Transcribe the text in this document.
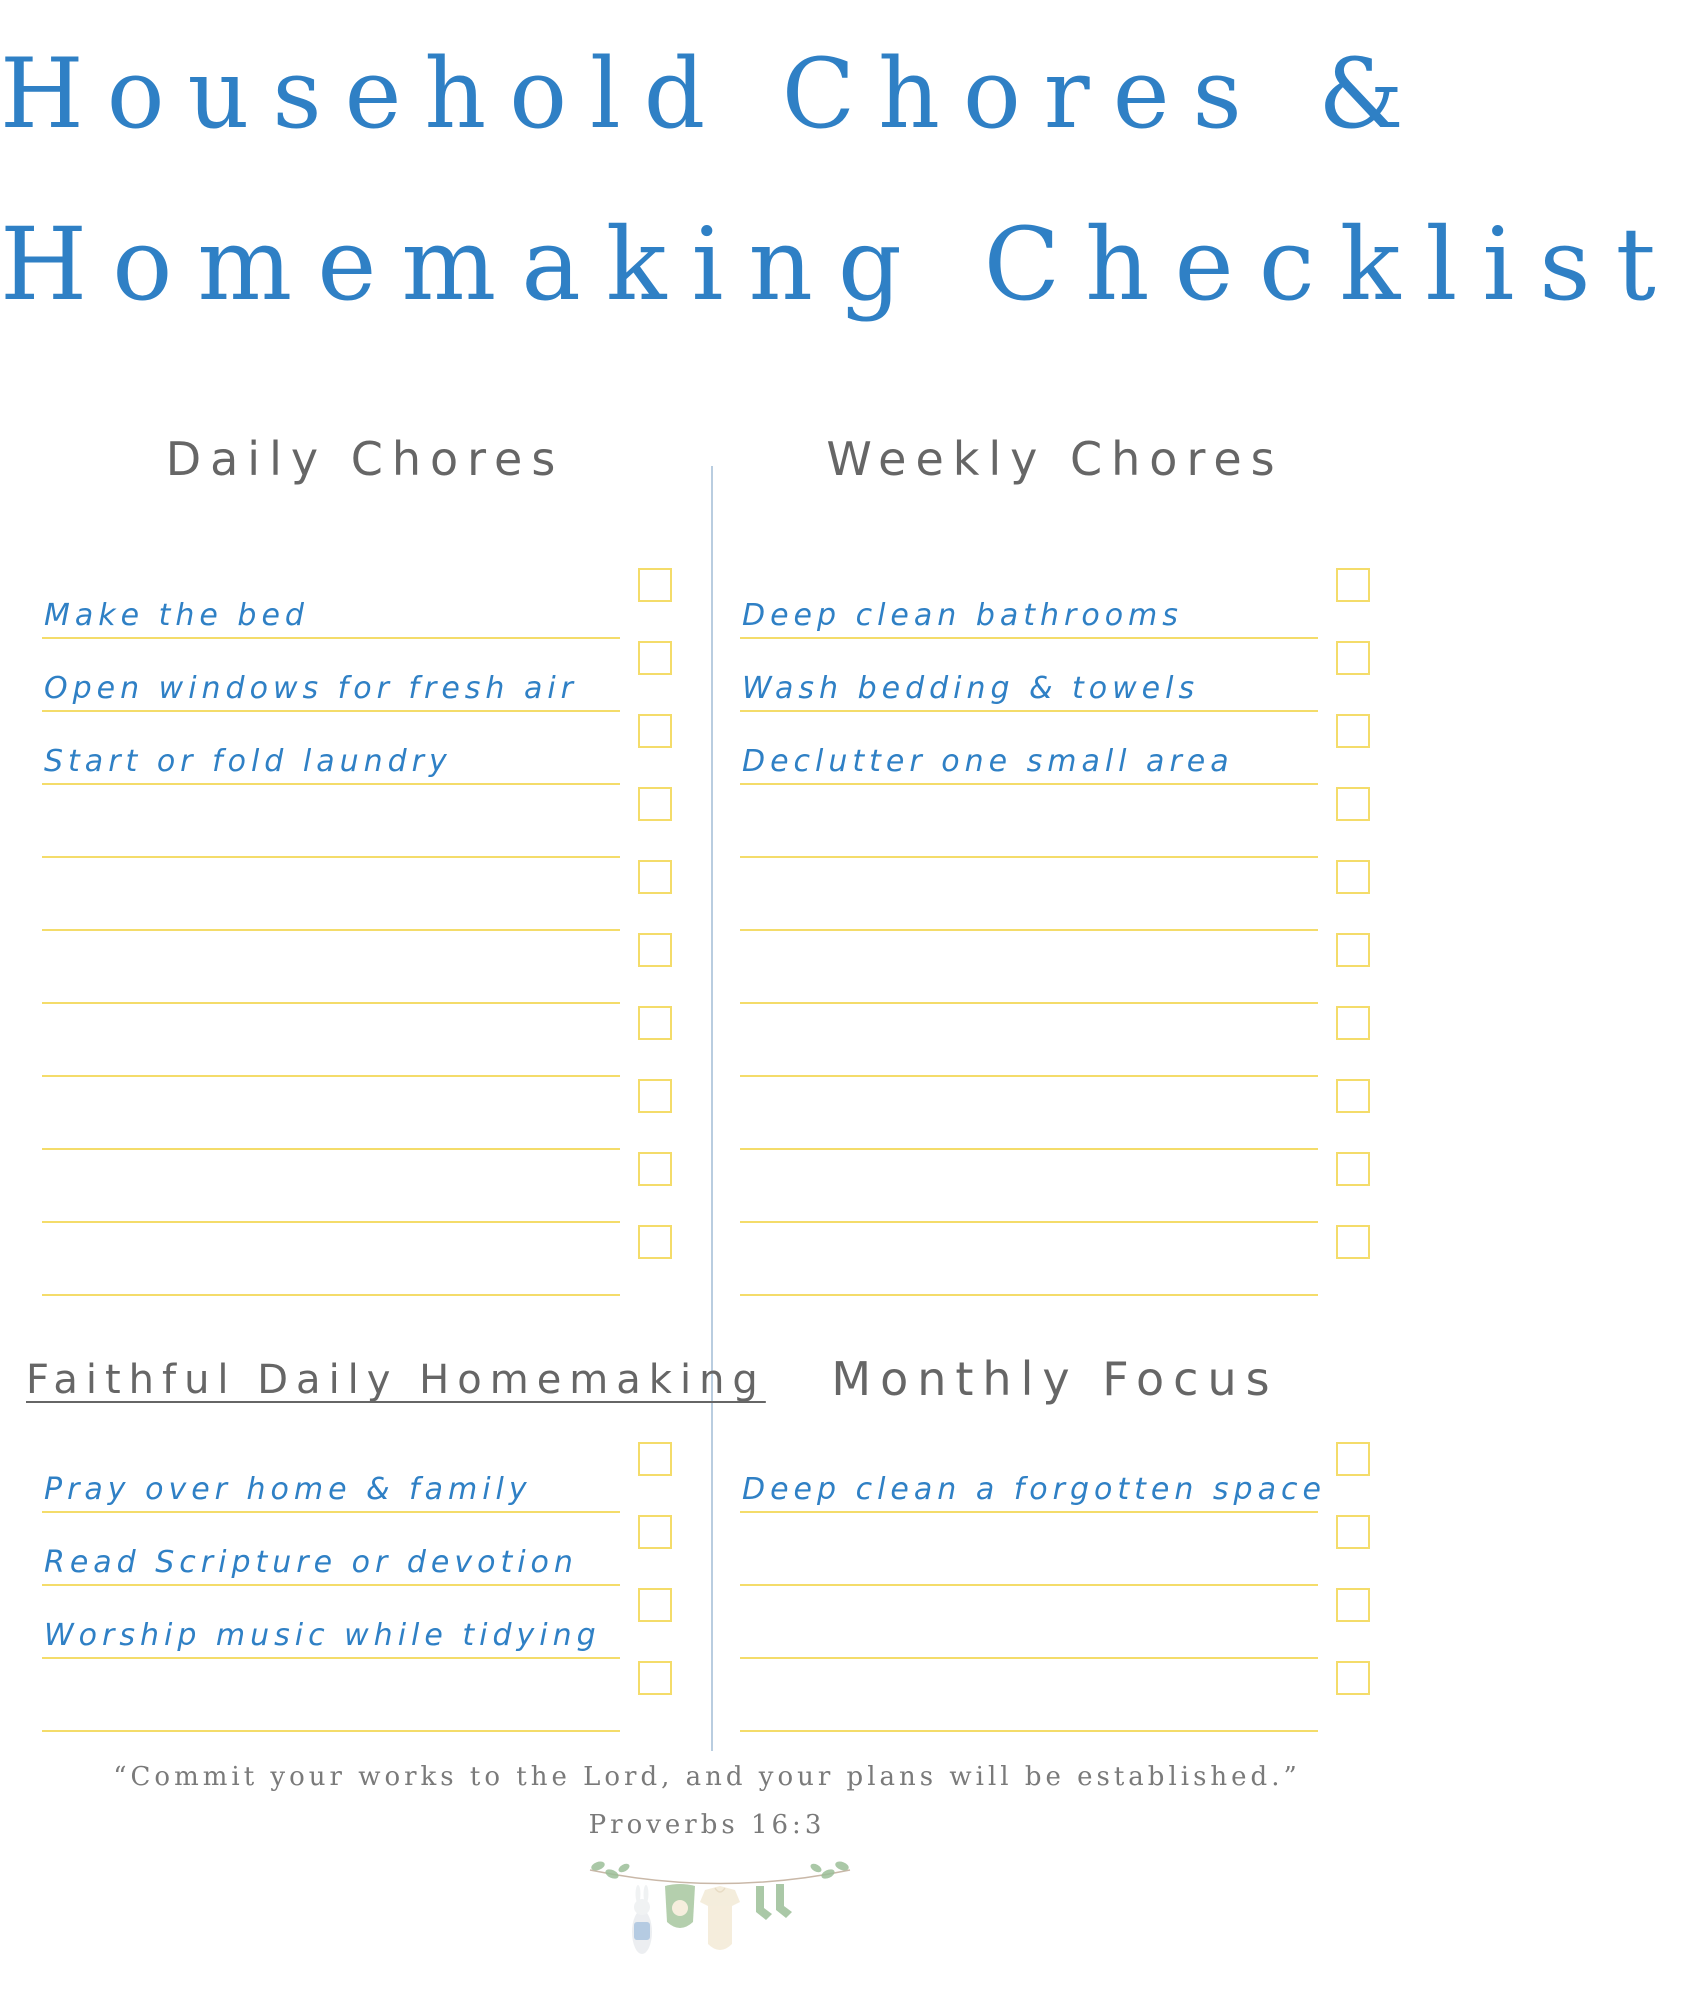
Household Chores &
Homemaking Checklist
Daily Chores	Weekly Chores
Make the bed
Open windows for fresh air
Start or fold laundry
Deep clean bathrooms
Wash bedding & towels
Declutter one small area
Faithful Daily Homemaking	Monthly Focus
Pray over home & family
Read Scripture or devotion
Worship music while tidying
Deep clean a forgotten space

“Commit your works to the Lord, and your plans will be established.”

Proverbs 16:3
